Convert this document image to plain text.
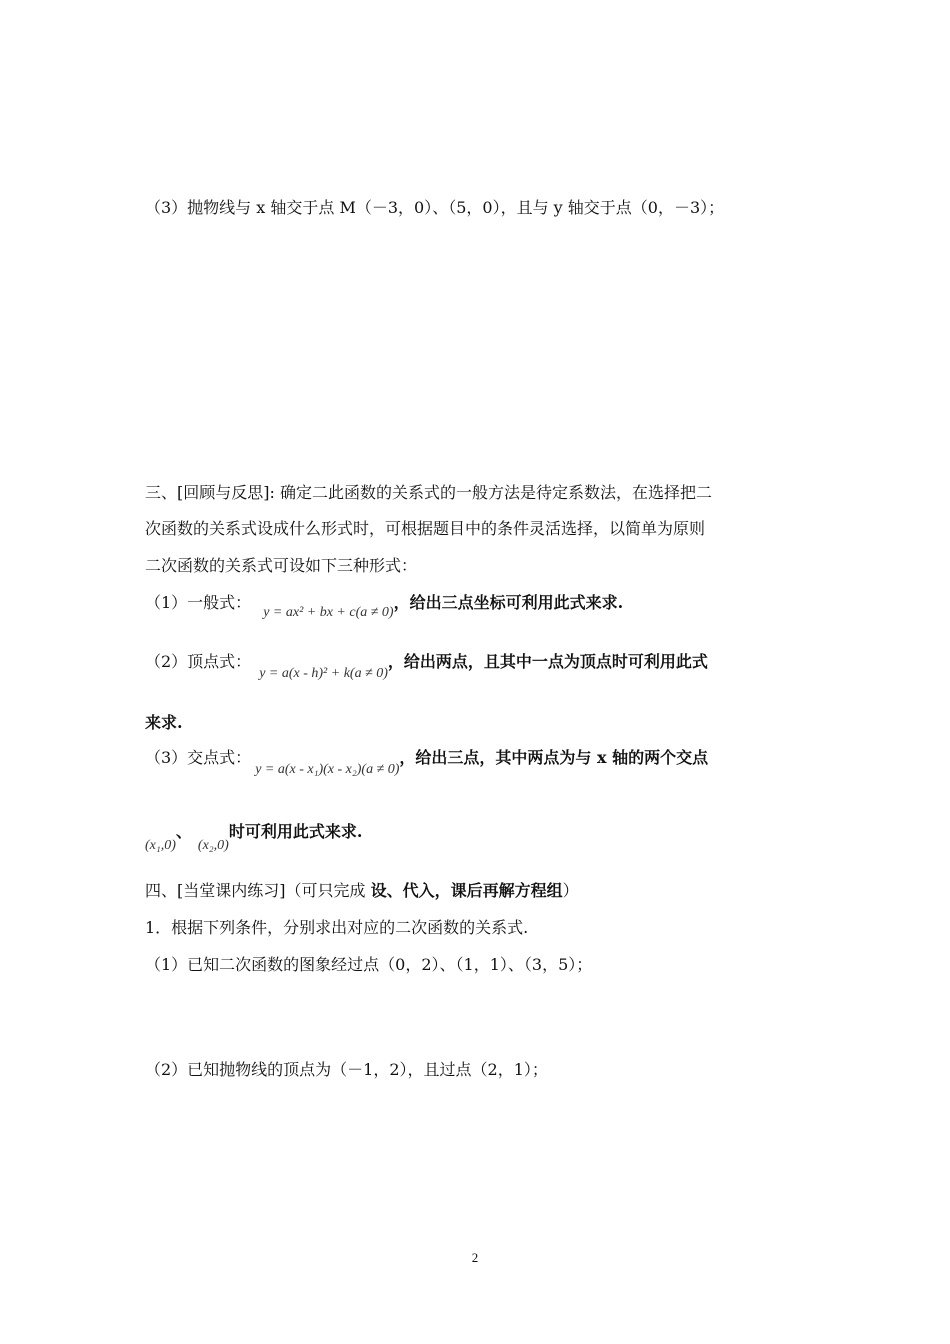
（3）抛物线与 x 轴交于点 M（－3，0）、（5，0），且与 y 轴交于点（0，－3）；
三、[回顾与反思]: 确定二此函数的关系式的一般方法是待定系数法，在选择把二
次函数的关系式设成什么形式时，可根据题目中的条件灵活选择，以简单为原则
二次函数的关系式可设如下三种形式：
（1）一般式：y = ax² + bx + c(a ≠ 0)，给出三点坐标可利用此式来求.
（2）顶点式：y = a(x - h)² + k(a ≠ 0)，给出两点，且其中一点为顶点时可利用此式
来求.
（3）交点式：y = a(x - x₁)(x - x₂)(a ≠ 0)，给出三点，其中两点为与 x 轴的两个交点
(x₁,0)、(x₂,0)时可利用此式来求.
四、[当堂课内练习]（可只完成 设、代入，课后再解方程组）
1．根据下列条件，分别求出对应的二次函数的关系式.
（1）已知二次函数的图象经过点（0，2）、（1，1）、（3，5）；
（2）已知抛物线的顶点为（－1，2），且过点（2，1）；
2
